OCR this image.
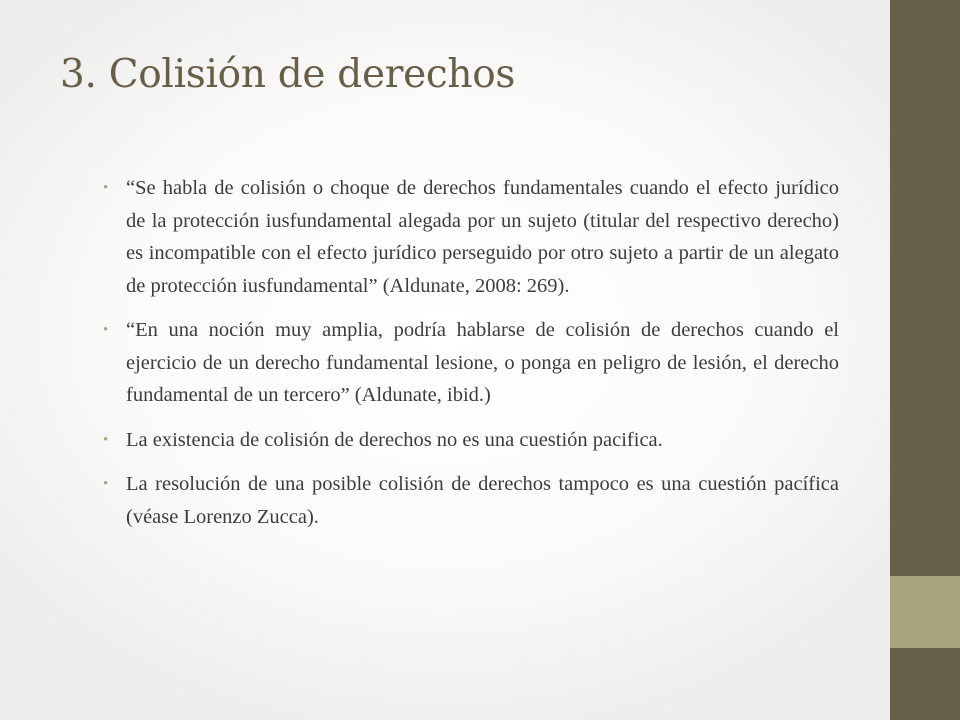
3. Colisión de derechos
• “Se habla de colisión o choque de derechos fundamentales cuando el efecto jurídico de la protección iusfundamental alegada por un sujeto (titular del respectivo derecho) es incompatible con el efecto jurídico perseguido por otro sujeto a partir de un alegato de protección iusfundamental” (Aldunate, 2008: 269).
• “En una noción muy amplia, podría hablarse de colisión de derechos cuando el ejercicio de un derecho fundamental lesione, o ponga en peligro de lesión, el derecho fundamental de un tercero” (Aldunate, ibid.)
• La existencia de colisión de derechos no es una cuestión pacifica.
• La resolución de una posible colisión de derechos tampoco es una cuestión pacífica (véase Lorenzo Zucca).
